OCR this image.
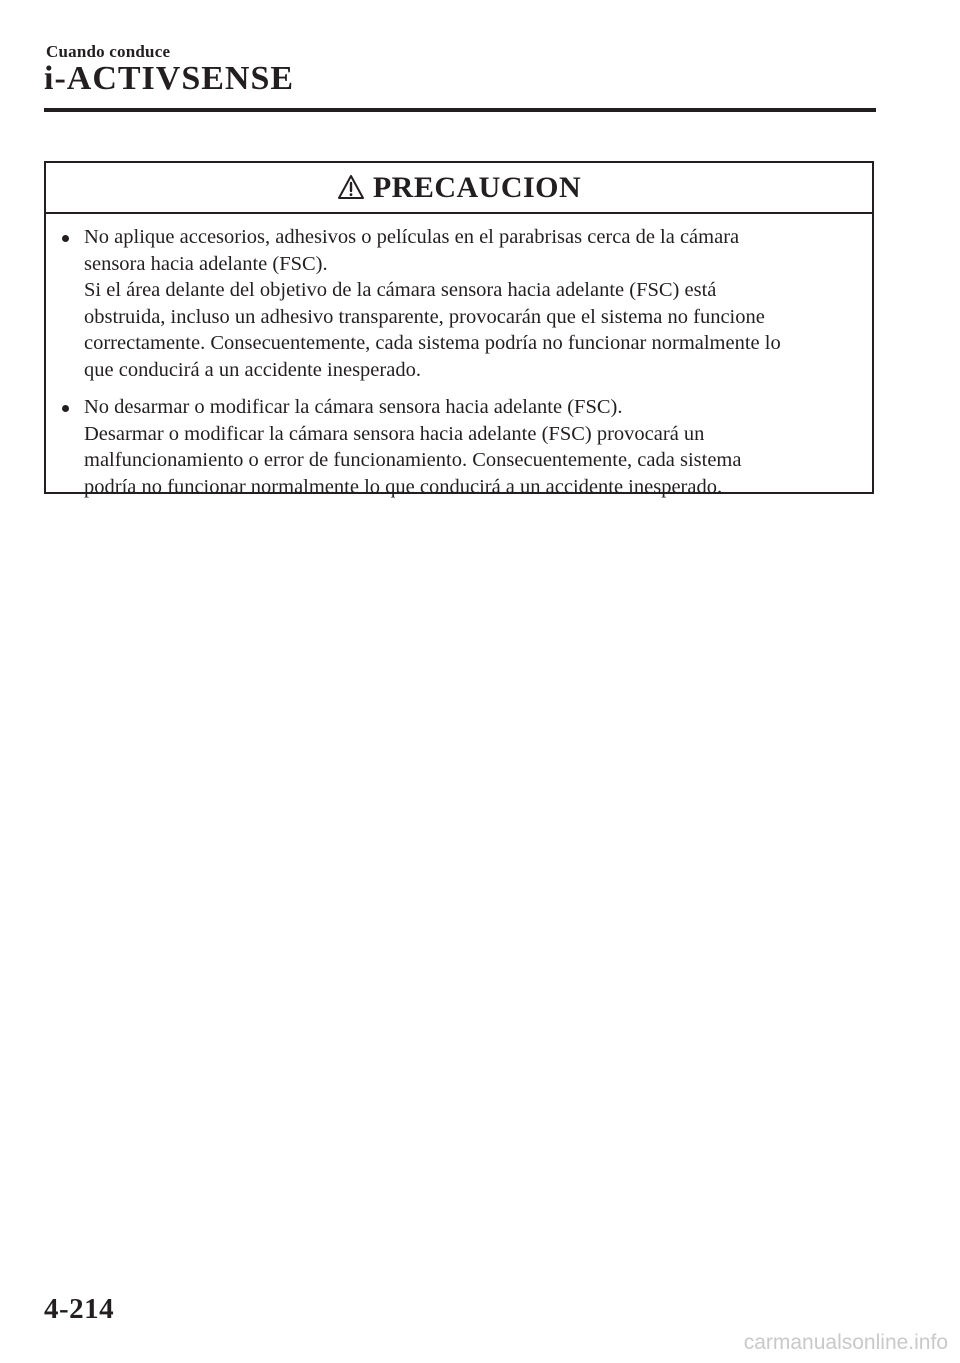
Cuando conduce
i-ACTIVSENSE
PRECAUCION
No aplique accesorios, adhesivos o películas en el parabrisas cerca de la cámara
sensora hacia adelante (FSC).
Si el área delante del objetivo de la cámara sensora hacia adelante (FSC) está
obstruida, incluso un adhesivo transparente, provocarán que el sistema no funcione
correctamente. Consecuentemente, cada sistema podría no funcionar normalmente lo
que conducirá a un accidente inesperado.
No desarmar o modificar la cámara sensora hacia adelante (FSC).
Desarmar o modificar la cámara sensora hacia adelante (FSC) provocará un
malfuncionamiento o error de funcionamiento. Consecuentemente, cada sistema
podría no funcionar normalmente lo que conducirá a un accidente inesperado.
4-214
carmanualsonline.info
